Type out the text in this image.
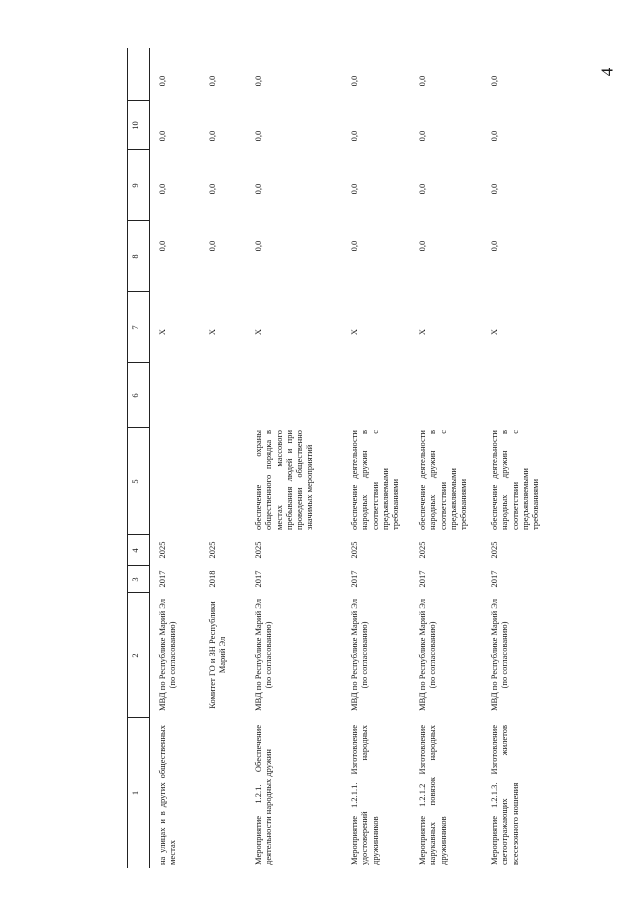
4
1
2
3
4
5
6
7
8
9
10
на улицах и в других общественных местах
МВД по Республике Марий Эл (по согласованию)
2017
2025
X
0,0
0,0
0,0
0,0
Комитет ГО и ЗН Республики Марий Эл
2018
2025
X
0,0
0,0
0,0
0,0
Мероприятие 1.2.1. Обеспечение деятельности народных дружин
МВД по Республике Марий Эл (по согласованию)
2017
2025
обеспечение охраны общественного порядка в местах массового пребывания людей и при проведении общественно значимых мероприятий
X
0,0
0,0
0,0
0,0
Мероприятие 1.2.1.1. Изготовление удостоверений народных дружинников
МВД по Республике Марий Эл (по согласованию)
2017
2025
обеспечение деятельности народных дружин в соответствии с предъявляемыми требованиями
X
0,0
0,0
0,0
0,0
Мероприятие 1.2.1.2 Изготовление нарукавных повязок народных дружинников
МВД по Республике Марий Эл (по согласованию)
2017
2025
обеспечение деятельности народных дружин в соответствии с предъявляемыми требованиями
X
0,0
0,0
0,0
0,0
Мероприятие 1.2.1.3. Изготовление светоотражающих жилетов всесезонного ношения
МВД по Республике Марий Эл (по согласованию)
2017
2025
обеспечение деятельности народных дружин в соответствии с предъявляемыми требованиями
X
0,0
0,0
0,0
0,0
